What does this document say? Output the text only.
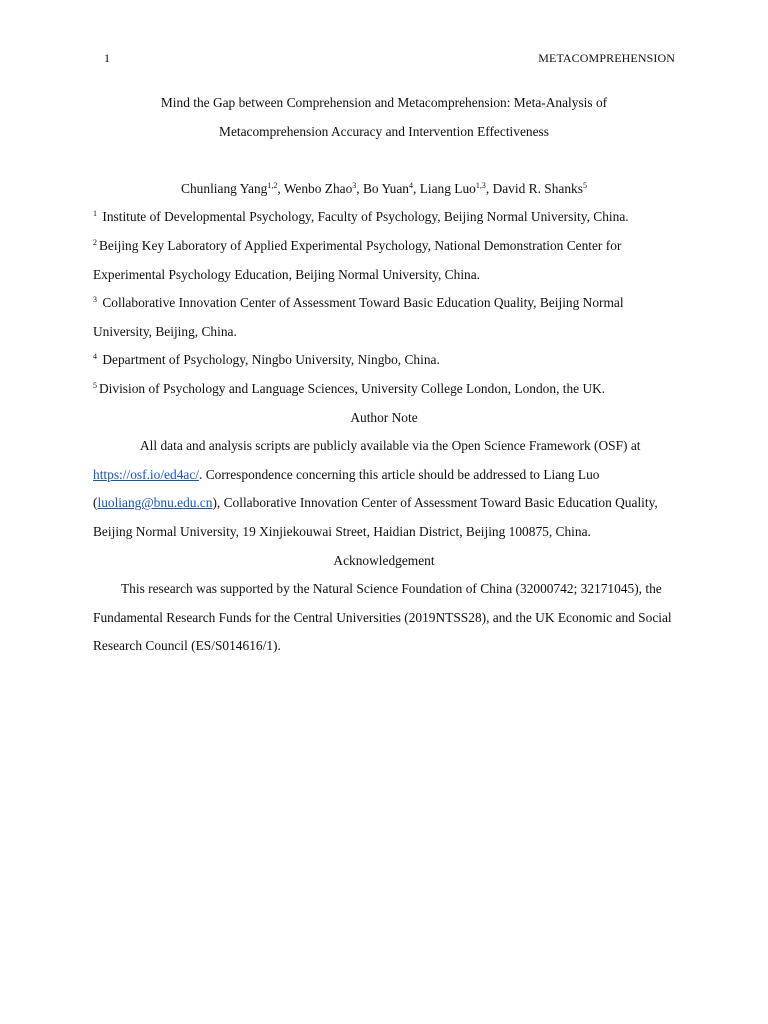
1	METACOMPREHENSION
Mind the Gap between Comprehension and Metacomprehension: Meta-Analysis of
Metacomprehension Accuracy and Intervention Effectiveness
Chunliang Yang$^{1,2}$, Wenbo Zhao$^3$, Bo Yuan$^4$, Liang Luo$^{1,3}$, David R. Shanks$^5$

$^1$ Institute of Developmental Psychology, Faculty of Psychology, Beijing Normal University, China.

$^2$ Beijing Key Laboratory of Applied Experimental Psychology, National Demonstration Center for Experimental Psychology Education, Beijing Normal University, China.

$^3$ Collaborative Innovation Center of Assessment Toward Basic Education Quality, Beijing Normal University, Beijing, China.

$^4$ Department of Psychology, Ningbo University, Ningbo, China.

$^5$ Division of Psychology and Language Sciences, University College London, London, the UK.

Author Note

All data and analysis scripts are publicly available via the Open Science Framework (OSF) at https://osf.io/ed4ac/. Correspondence concerning this article should be addressed to Liang Luo (luoliang@bnu.edu.cn), Collaborative Innovation Center of Assessment Toward Basic Education Quality, Beijing Normal University, 19 Xinjiekouwai Street, Haidian District, Beijing 100875, China.

Acknowledgement

This research was supported by the Natural Science Foundation of China (32000742; 32171045), the Fundamental Research Funds for the Central Universities (2019NTSS28), and the UK Economic and Social Research Council (ES/S014616/1).
